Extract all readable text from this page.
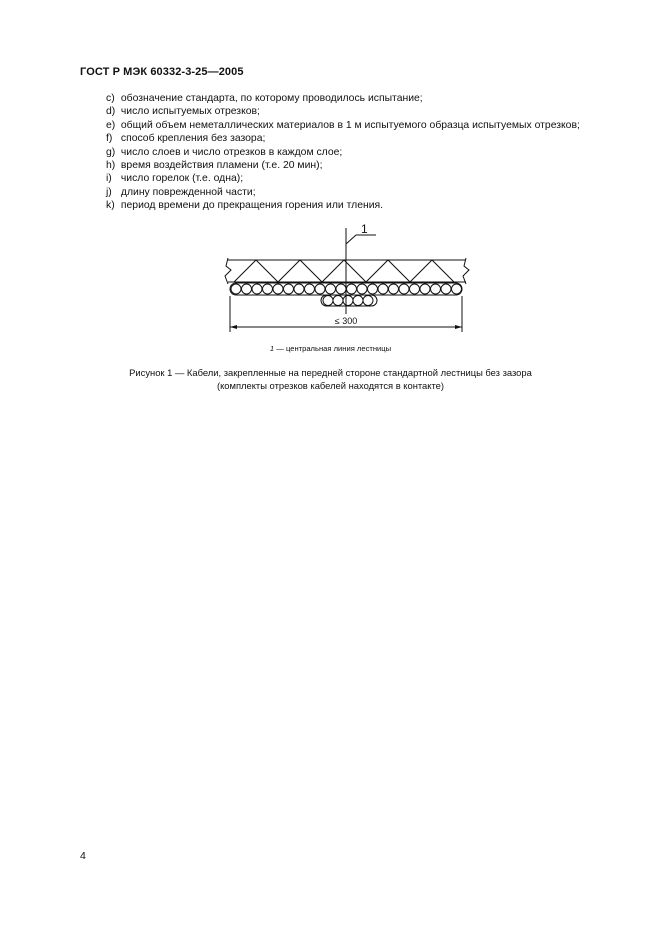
ГОСТ Р МЭК 60332-3-25—2005
c) обозначение стандарта, по которому проводилось испытание;
d) число испытуемых отрезков;
e) общий объем неметаллических материалов в 1 м испытуемого образца испытуемых отрезков;
f) способ крепления без зазора;
g) число слоев и число отрезков в каждом слое;
h) время воздействия пламени (т.е. 20 мин);
i) число горелок (т.е. одна);
j) длину поврежденной части;
k) период времени до прекращения горения или тления.
1
≤ 300
1 — центральная линия лестницы
Рисунок 1 — Кабели, закрепленные на передней стороне стандартной лестницы без зазора
(комплекты отрезков кабелей находятся в контакте)
4
